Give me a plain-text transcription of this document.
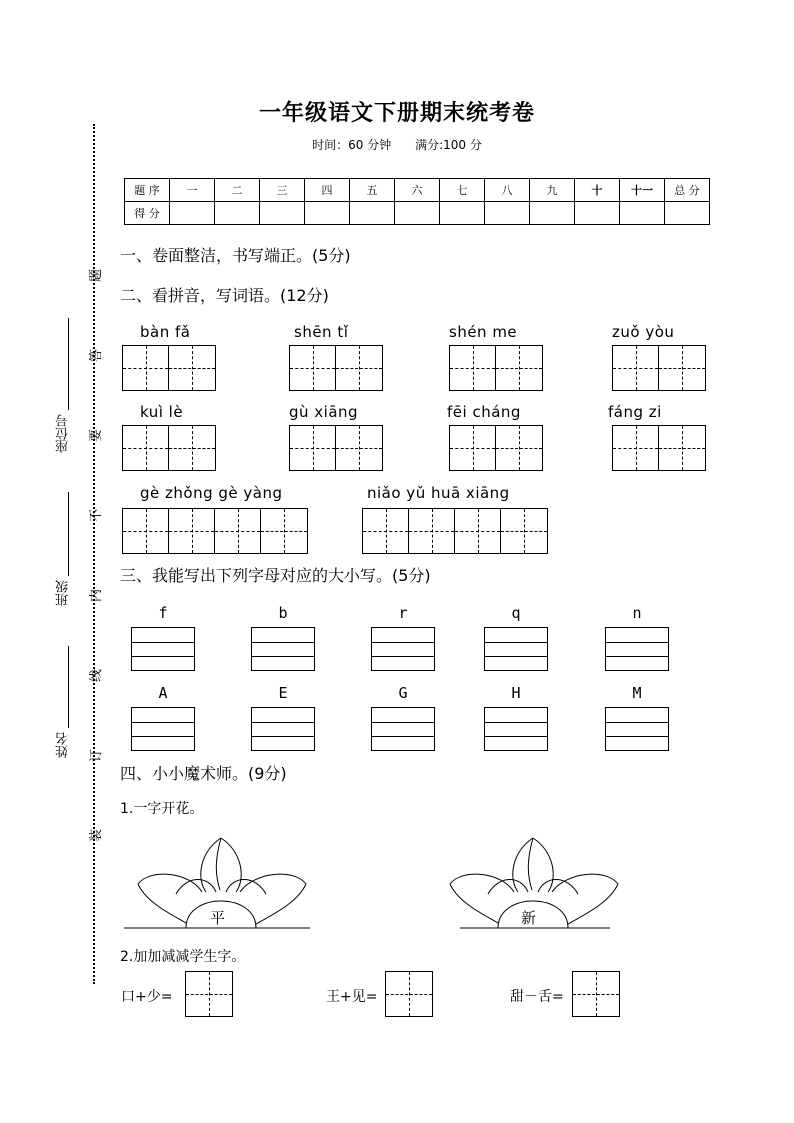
一年级语文下册期末统考卷
时间：60 分钟 满分:100 分
题 序	一	二	三	四	五	六	七	八	九	十	十一	总 分
得 分												
一、卷面整洁，书写端正。(5分)
二、看拼音，写词语。(12分)
bàn fǎ	shēn tǐ	shén me	zuǒ yòu
kuì lè	gù xiāng	fēi cháng	fáng zi
gè zhǒng gè yàng	niǎo yǔ huā xiāng
三、我能写出下列字母对应的大小写。(5分)
f	b	r	q	n
A	E	G	H	M
四、小小魔术师。(9分)
1.一字开花。
平	新
2.加加减减学生字。
口+少=	王+见=	甜－舌=
题
答
要
不
内
线
订
装
座位号
班级
姓名
